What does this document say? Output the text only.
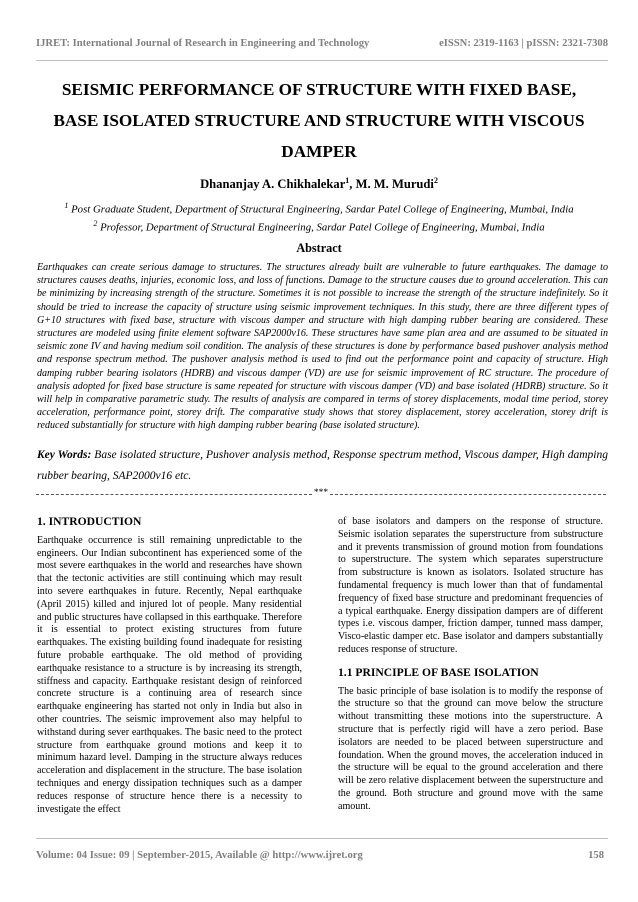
IJRET: International Journal of Research in Engineering and Technology	eISSN: 2319-1163 | pISSN: 2321-7308
SEISMIC PERFORMANCE OF STRUCTURE WITH FIXED BASE,
BASE ISOLATED STRUCTURE AND STRUCTURE WITH VISCOUS
DAMPER
Dhananjay A. Chikhalekar$^1$, M. M. Murudi$^2$
$^1$ Post Graduate Student, Department of Structural Engineering, Sardar Patel College of Engineering, Mumbai, India
$^2$ Professor, Department of Structural Engineering, Sardar Patel College of Engineering, Mumbai, India
Abstract
Earthquakes can create serious damage to structures. The structures already built are vulnerable to future earthquakes. The damage to structures causes deaths, injuries, economic loss, and loss of functions. Damage to the structure causes due to ground acceleration. This can be minimizing by increasing strength of the structure. Sometimes it is not possible to increase the strength of the structure indefinitely. So it should be tried to increase the capacity of structure using seismic improvement techniques. In this study, there are three different types of G+10 structures with fixed base, structure with viscous damper and structure with high damping rubber bearing are considered. These structures are modeled using finite element software SAP2000v16. These structures have same plan area and are assumed to be situated in seismic zone IV and having medium soil condition. The analysis of these structures is done by performance based pushover analysis method and response spectrum method. The pushover analysis method is used to find out the performance point and capacity of structure. High damping rubber bearing isolators (HDRB) and viscous damper (VD) are use for seismic improvement of RC structure. The procedure of analysis adopted for fixed base structure is same repeated for structure with viscous damper (VD) and base isolated (HDRB) structure. So it will help in comparative parametric study. The results of analysis are compared in terms of storey displacements, modal time period, storey acceleration, performance point, storey drift. The comparative study shows that storey displacement, storey acceleration, storey drift is reduced substantially for structure with high damping rubber bearing (base isolated structure).
Key Words: Base isolated structure, Pushover analysis method, Response spectrum method, Viscous damper, High damping rubber bearing, SAP2000v16 etc.
***
1. INTRODUCTION

Earthquake occurrence is still remaining unpredictable to the engineers. Our Indian subcontinent has experienced some of the most severe earthquakes in the world and researches have shown that the tectonic activities are still continuing which may result into severe earthquakes in future. Recently, Nepal earthquake (April 2015) killed and injured lot of people. Many residential and public structures have collapsed in this earthquake. Therefore it is essential to protect existing structures from future earthquakes. The existing building found inadequate for resisting future probable earthquake. The old method of providing earthquake resistance to a structure is by increasing its strength, stiffness and capacity. Earthquake resistant design of reinforced concrete structure is a continuing area of research since earthquake engineering has started not only in India but also in other countries. The seismic improvement also may helpful to withstand during sever earthquakes. The basic need to the protect structure from earthquake ground motions and keep it to minimum hazard level. Damping in the structure always reduces acceleration and displacement in the structure. The base isolation techniques and energy dissipation techniques such as a damper reduces response of structure hence there is a necessity to investigate the effect

of base isolators and dampers on the response of structure. Seismic isolation separates the superstructure from substructure and it prevents transmission of ground motion from foundations to superstructure. The system which separates superstructure from substructure is known as isolators. Isolated structure has fundamental frequency is much lower than that of fundamental frequency of fixed base structure and predominant frequencies of a typical earthquake. Energy dissipation dampers are of different types i.e. viscous damper, friction damper, tunned mass damper, Visco-elastic damper etc. Base isolator and dampers substantially reduces response of structure.

1.1 PRINCIPLE OF BASE ISOLATION

The basic principle of base isolation is to modify the response of the structure so that the ground can move below the structure without transmitting these motions into the superstructure. A structure that is perfectly rigid will have a zero period. Base isolators are needed to be placed between superstructure and foundation. When the ground moves, the acceleration induced in the structure will be equal to the ground acceleration and there will be zero relative displacement between the superstructure and the ground. Both structure and ground move with the same amount.

Volume: 04 Issue: 09 | September-2015, Available @ http://www.ijret.org	158
